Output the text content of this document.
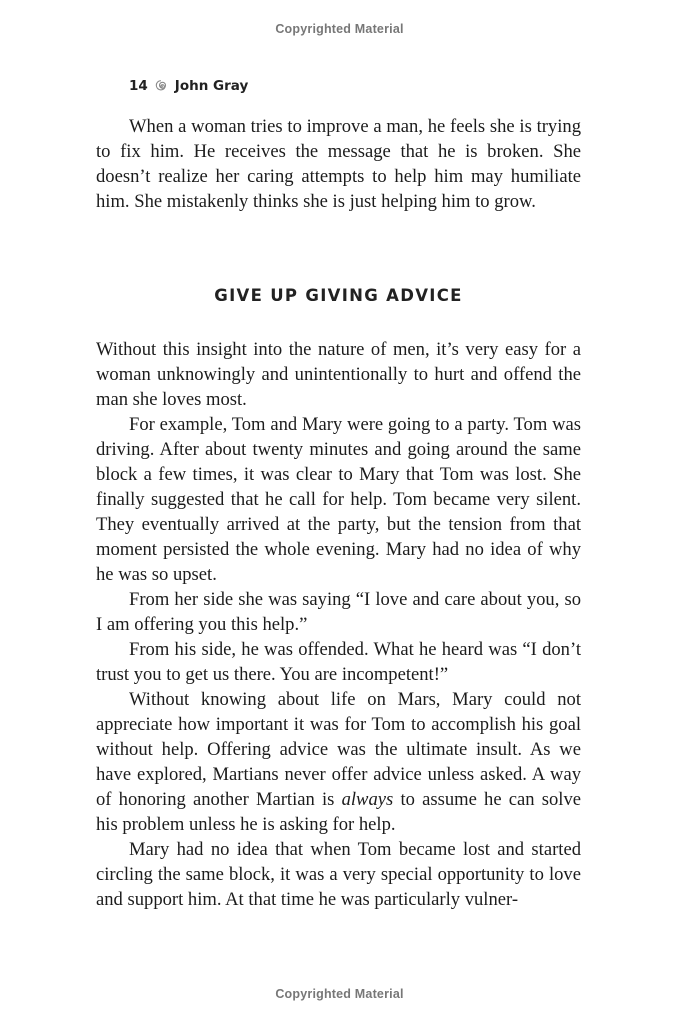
Copyrighted Material
14 John Gray

When a woman tries to improve a man, he feels she is trying to fix him. He receives the message that he is broken. She doesn’t realize her caring attempts to help him may humiliate him. She mistakenly thinks she is just helping him to grow.

GIVE UP GIVING ADVICE

Without this insight into the nature of men, it’s very easy for a woman unknowingly and unintentionally to hurt and offend the man she loves most.

For example, Tom and Mary were going to a party. Tom was driving. After about twenty minutes and going around the same block a few times, it was clear to Mary that Tom was lost. She finally suggested that he call for help. Tom became very silent. They eventually arrived at the party, but the tension from that moment persisted the whole evening. Mary had no idea of why he was so upset.

From her side she was saying “I love and care about you, so I am offering you this help.”

From his side, he was offended. What he heard was “I don’t trust you to get us there. You are incompetent!”

Without knowing about life on Mars, Mary could not appreciate how important it was for Tom to accomplish his goal without help. Offering advice was the ultimate insult. As we have explored, Martians never offer advice unless asked. A way of honoring another Martian is always to assume he can solve his problem unless he is asking for help.

Mary had no idea that when Tom became lost and started circling the same block, it was a very special opportunity to love and support him. At that time he was particularly vulner-

Copyrighted Material
